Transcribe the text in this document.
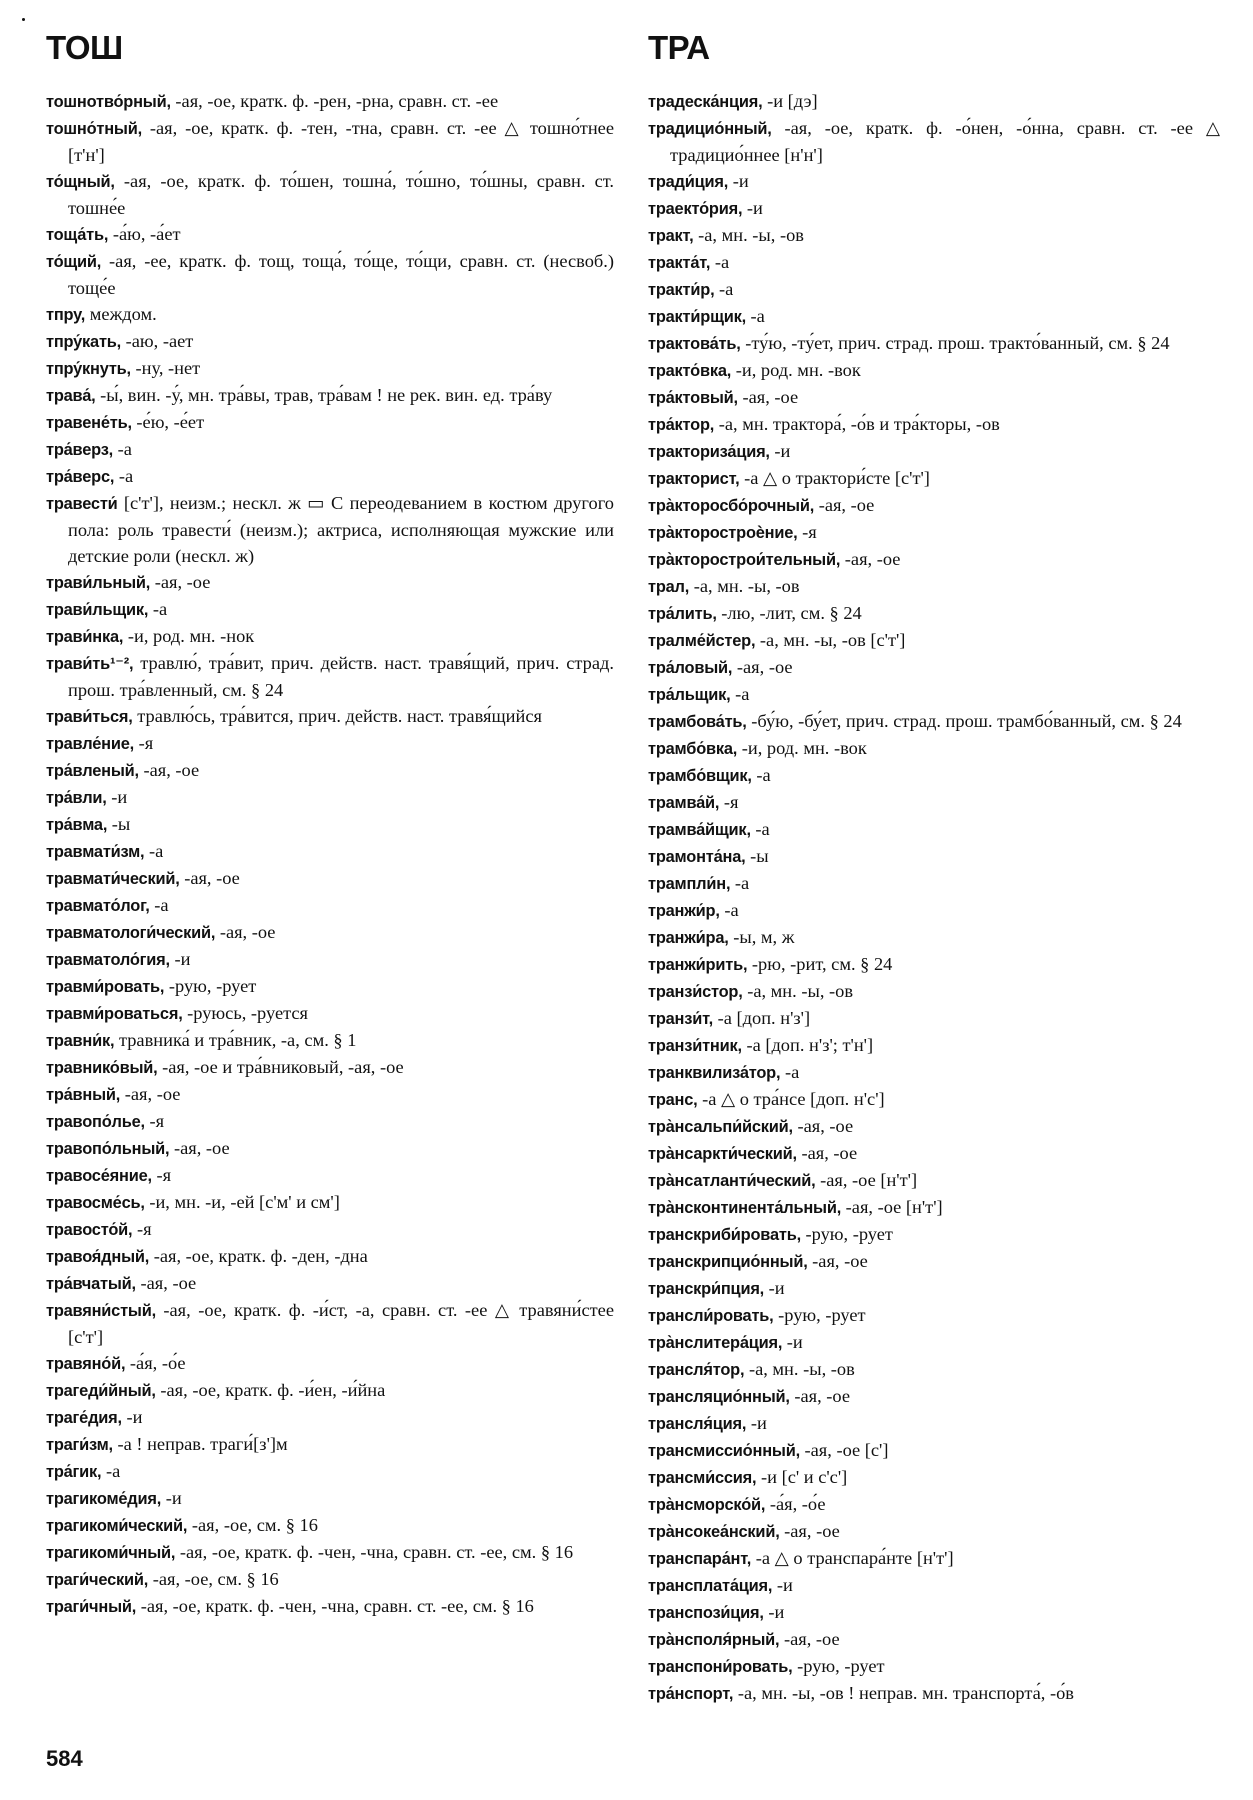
ТОШ

тошнотво́рный, -ая, -ое, кратк. ф. -рен, -рна, сравн. ст. -ее

тошно́тный, -ая, -ое, кратк. ф. -тен, -тна, сравн. ст. -ее △ тошно́тнее [т'н']

то́щный, -ая, -ое, кратк. ф. то́шен, тошна́, то́шно, то́шны, сравн. ст. тошне́е

тоща́ть, -а́ю, -а́ет

то́щий, -ая, -ее, кратк. ф. тощ, тоща́, то́ще, то́щи, сравн. ст. (несвоб.) тоще́е

тпру, междом.

тпру́кать, -аю, -ает

тпру́кнуть, -ну, -нет

трава́, -ы́, вин. -у́, мн. тра́вы, трав, тра́вам ! не рек. вин. ед. тра́ву

травене́ть, -е́ю, -е́ет

тра́верз, -а

тра́верс, -а

травести́ [с'т'], неизм.; нескл. ж ▭ С переодеванием в костюм другого пола: роль травести́ (неизм.); актриса, исполняющая мужские или детские роли (нескл. ж)

трави́льный, -ая, -ое

трави́льщик, -а

трави́нка, -и, род. мн. -нок

трави́ть¹⁻², травлю́, тра́вит, прич. действ. наст. травя́щий, прич. страд. прош. тра́вленный, см. § 24

трави́ться, травлю́сь, тра́вится, прич. действ. наст. травя́щийся

травле́ние, -я

тра́вленый, -ая, -ое

тра́вли, -и

тра́вма, -ы

травмати́зм, -а

травмати́ческий, -ая, -ое

травмато́лог, -а

травматологи́ческий, -ая, -ое

травматоло́гия, -и

травми́ровать, -рую, -рует

травми́роваться, -руюсь, -руется

травни́к, травника́ и тра́вник, -а, см. § 1

травнико́вый, -ая, -ое и тра́вниковый, -ая, -ое

тра́вный, -ая, -ое

травопо́лье, -я

травопо́льный, -ая, -ое

травосе́яние, -я

травосме́сь, -и, мн. -и, -ей [с'м' и см']

травосто́й, -я

травоя́дный, -ая, -ое, кратк. ф. -ден, -дна

тра́вчатый, -ая, -ое

травяни́стый, -ая, -ое, кратк. ф. -и́ст, -а, сравн. ст. -ее △ травяни́стее [с'т']

травяно́й, -а́я, -о́е

трагеди́йный, -ая, -ое, кратк. ф. -и́ен, -и́йна

траге́дия, -и

траги́зм, -а ! неправ. траги́[з']м

тра́гик, -а

трагикоме́дия, -и

трагикоми́ческий, -ая, -ое, см. § 16

трагикоми́чный, -ая, -ое, кратк. ф. -чен, -чна, сравн. ст. -ее, см. § 16

траги́ческий, -ая, -ое, см. § 16

траги́чный, -ая, -ое, кратк. ф. -чен, -чна, сравн. ст. -ее, см. § 16

ТРА

традеска́нция, -и [дэ]

традицио́нный, -ая, -ое, кратк. ф. -о́нен, -о́нна, сравн. ст. -ее △ традицио́ннее [н'н']

тради́ция, -и

траекто́рия, -и

тракт, -а, мн. -ы, -ов

тракта́т, -а

тракти́р, -а

тракти́рщик, -а

трактова́ть, -ту́ю, -ту́ет, прич. страд. прош. тракто́ванный, см. § 24

тракто́вка, -и, род. мн. -вок

тра́ктовый, -ая, -ое

тра́ктор, -а, мн. трактора́, -о́в и тра́кторы, -ов

тракториза́ция, -и

тракторист, -а △ о трактори́сте [с'т']

тра̀кторосбо́рочный, -ая, -ое

тра̀кторостроѐние, -я

тра̀кторострои́тельный, -ая, -ое

трал, -а, мн. -ы, -ов

тра́лить, -лю, -лит, см. § 24

тралме́йстер, -а, мн. -ы, -ов [с'т']

тра́ловый, -ая, -ое

тра́льщик, -а

трамбова́ть, -бу́ю, -бу́ет, прич. страд. прош. трамбо́ванный, см. § 24

трамбо́вка, -и, род. мн. -вок

трамбо́вщик, -а

трамва́й, -я

трамва́йщик, -а

трамонта́на, -ы

трампли́н, -а

транжи́р, -а

транжи́ра, -ы, м, ж

транжи́рить, -рю, -рит, см. § 24

транзи́стор, -а, мн. -ы, -ов

транзи́т, -а [доп. н'з']

транзи́тник, -а [доп. н'з'; т'н']

транквилиза́тор, -а

транс, -а △ о тра́нсе [доп. н'с']

тра̀нсальпи́йский, -ая, -ое

тра̀нсаркти́ческий, -ая, -ое

тра̀нсатланти́ческий, -ая, -ое [н'т']

тра̀нсконтинента́льный, -ая, -ое [н'т']

транскриби́ровать, -рую, -рует

транскрипцио́нный, -ая, -ое

транскри́пция, -и

трансли́ровать, -рую, -рует

тра̀нслитера́ция, -и

трансля́тор, -а, мн. -ы, -ов

трансляцио́нный, -ая, -ое

трансля́ция, -и

трансмиссио́нный, -ая, -ое [с']

трансми́ссия, -и [с' и с'с']

тра̀нсморско́й, -а́я, -о́е

тра̀нсокеа́нский, -ая, -ое

транспара́нт, -а △ о транспара́нте [н'т']

трансплата́ция, -и

транспози́ция, -и

тра̀нсполя́рный, -ая, -ое

транспони́ровать, -рую, -рует

тра́нспорт, -а, мн. -ы, -ов ! неправ. мн. транспорта́, -о́в

584
